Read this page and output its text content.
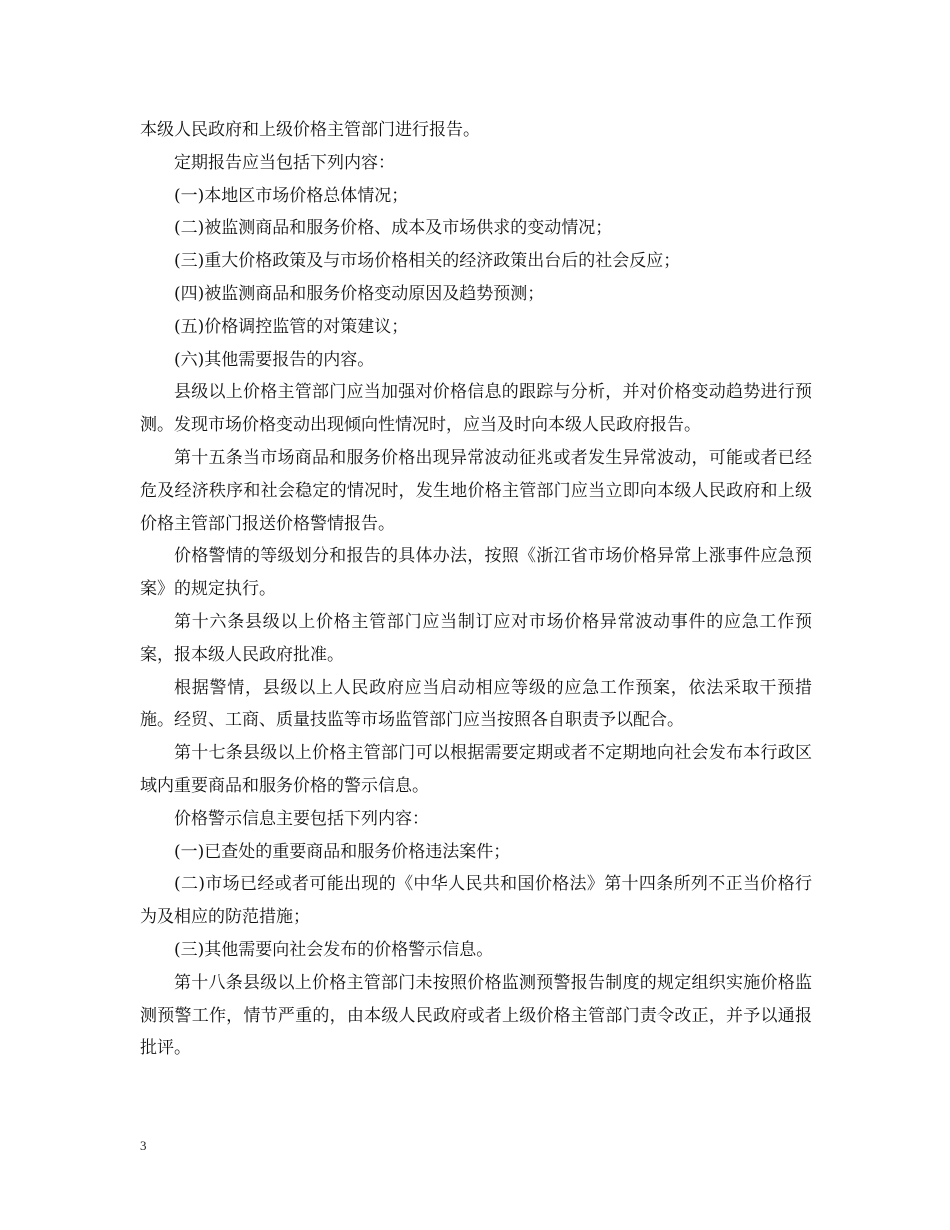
本级人民政府和上级价格主管部门进行报告。

定期报告应当包括下列内容：

(一)本地区市场价格总体情况；

(二)被监测商品和服务价格、成本及市场供求的变动情况；

(三)重大价格政策及与市场价格相关的经济政策出台后的社会反应；

(四)被监测商品和服务价格变动原因及趋势预测；

(五)价格调控监管的对策建议；

(六)其他需要报告的内容。

县级以上价格主管部门应当加强对价格信息的跟踪与分析，并对价格变动趋势进行预测。发现市场价格变动出现倾向性情况时，应当及时向本级人民政府报告。

第十五条当市场商品和服务价格出现异常波动征兆或者发生异常波动，可能或者已经危及经济秩序和社会稳定的情况时，发生地价格主管部门应当立即向本级人民政府和上级价格主管部门报送价格警情报告。

价格警情的等级划分和报告的具体办法，按照《浙江省市场价格异常上涨事件应急预案》的规定执行。

第十六条县级以上价格主管部门应当制订应对市场价格异常波动事件的应急工作预案，报本级人民政府批准。

根据警情，县级以上人民政府应当启动相应等级的应急工作预案，依法采取干预措施。经贸、工商、质量技监等市场监管部门应当按照各自职责予以配合。

第十七条县级以上价格主管部门可以根据需要定期或者不定期地向社会发布本行政区域内重要商品和服务价格的警示信息。

价格警示信息主要包括下列内容：

(一)已查处的重要商品和服务价格违法案件；

(二)市场已经或者可能出现的《中华人民共和国价格法》第十四条所列不正当价格行为及相应的防范措施；

(三)其他需要向社会发布的价格警示信息。

第十八条县级以上价格主管部门未按照价格监测预警报告制度的规定组织实施价格监测预警工作，情节严重的，由本级人民政府或者上级价格主管部门责令改正，并予以通报批评。

3
